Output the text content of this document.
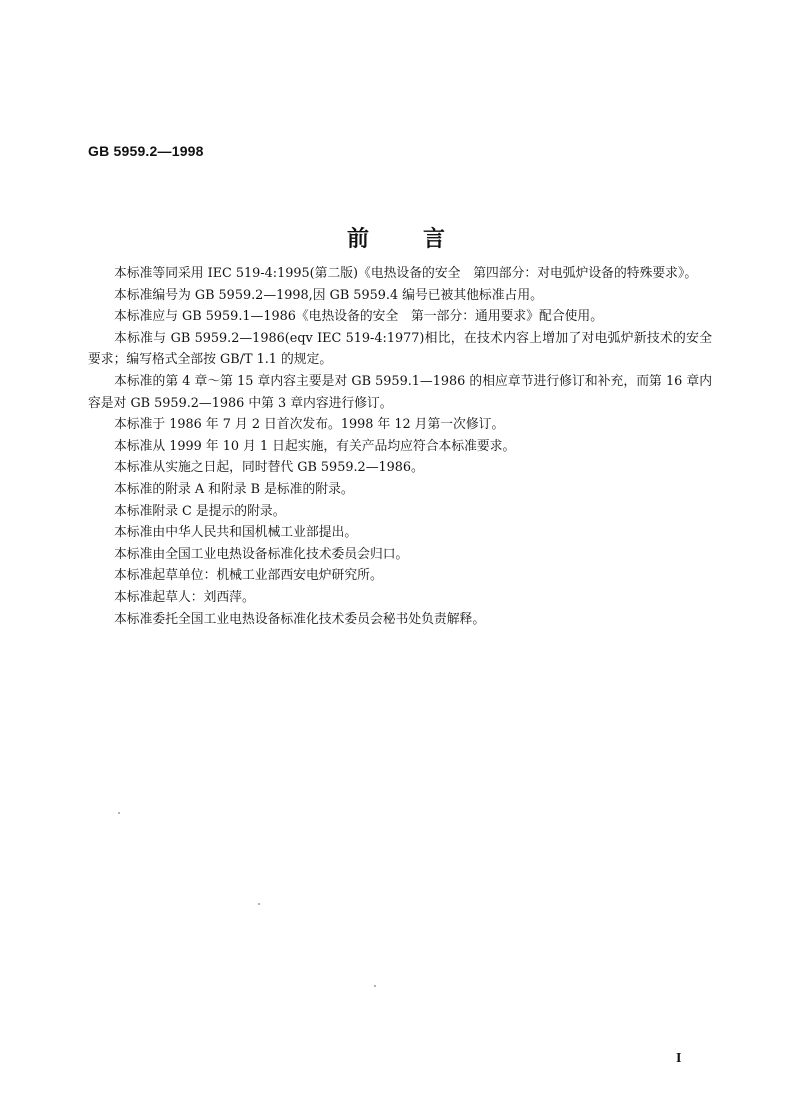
GB 5959.2—1998
前 言

本标准等同采用 IEC 519-4:1995(第二版)《电热设备的安全　第四部分：对电弧炉设备的特殊要求》。

本标准编号为 GB 5959.2—1998,因 GB 5959.4 编号已被其他标准占用。

本标准应与 GB 5959.1—1986《电热设备的安全　第一部分：通用要求》配合使用。

本标准与 GB 5959.2—1986(eqv IEC 519-4:1977)相比，在技术内容上增加了对电弧炉新技术的安全要求；编写格式全部按 GB/T 1.1 的规定。

本标准的第 4 章～第 15 章内容主要是对 GB 5959.1—1986 的相应章节进行修订和补充，而第 16 章内容是对 GB 5959.2—1986 中第 3 章内容进行修订。

本标准于 1986 年 7 月 2 日首次发布。1998 年 12 月第一次修订。

本标准从 1999 年 10 月 1 日起实施，有关产品均应符合本标准要求。

本标准从实施之日起，同时替代 GB 5959.2—1986。

本标准的附录 A 和附录 B 是标准的附录。

本标准附录 C 是提示的附录。

本标准由中华人民共和国机械工业部提出。

本标准由全国工业电热设备标准化技术委员会归口。

本标准起草单位：机械工业部西安电炉研究所。

本标准起草人：刘西萍。

本标准委托全国工业电热设备标准化技术委员会秘书处负责解释。

I
